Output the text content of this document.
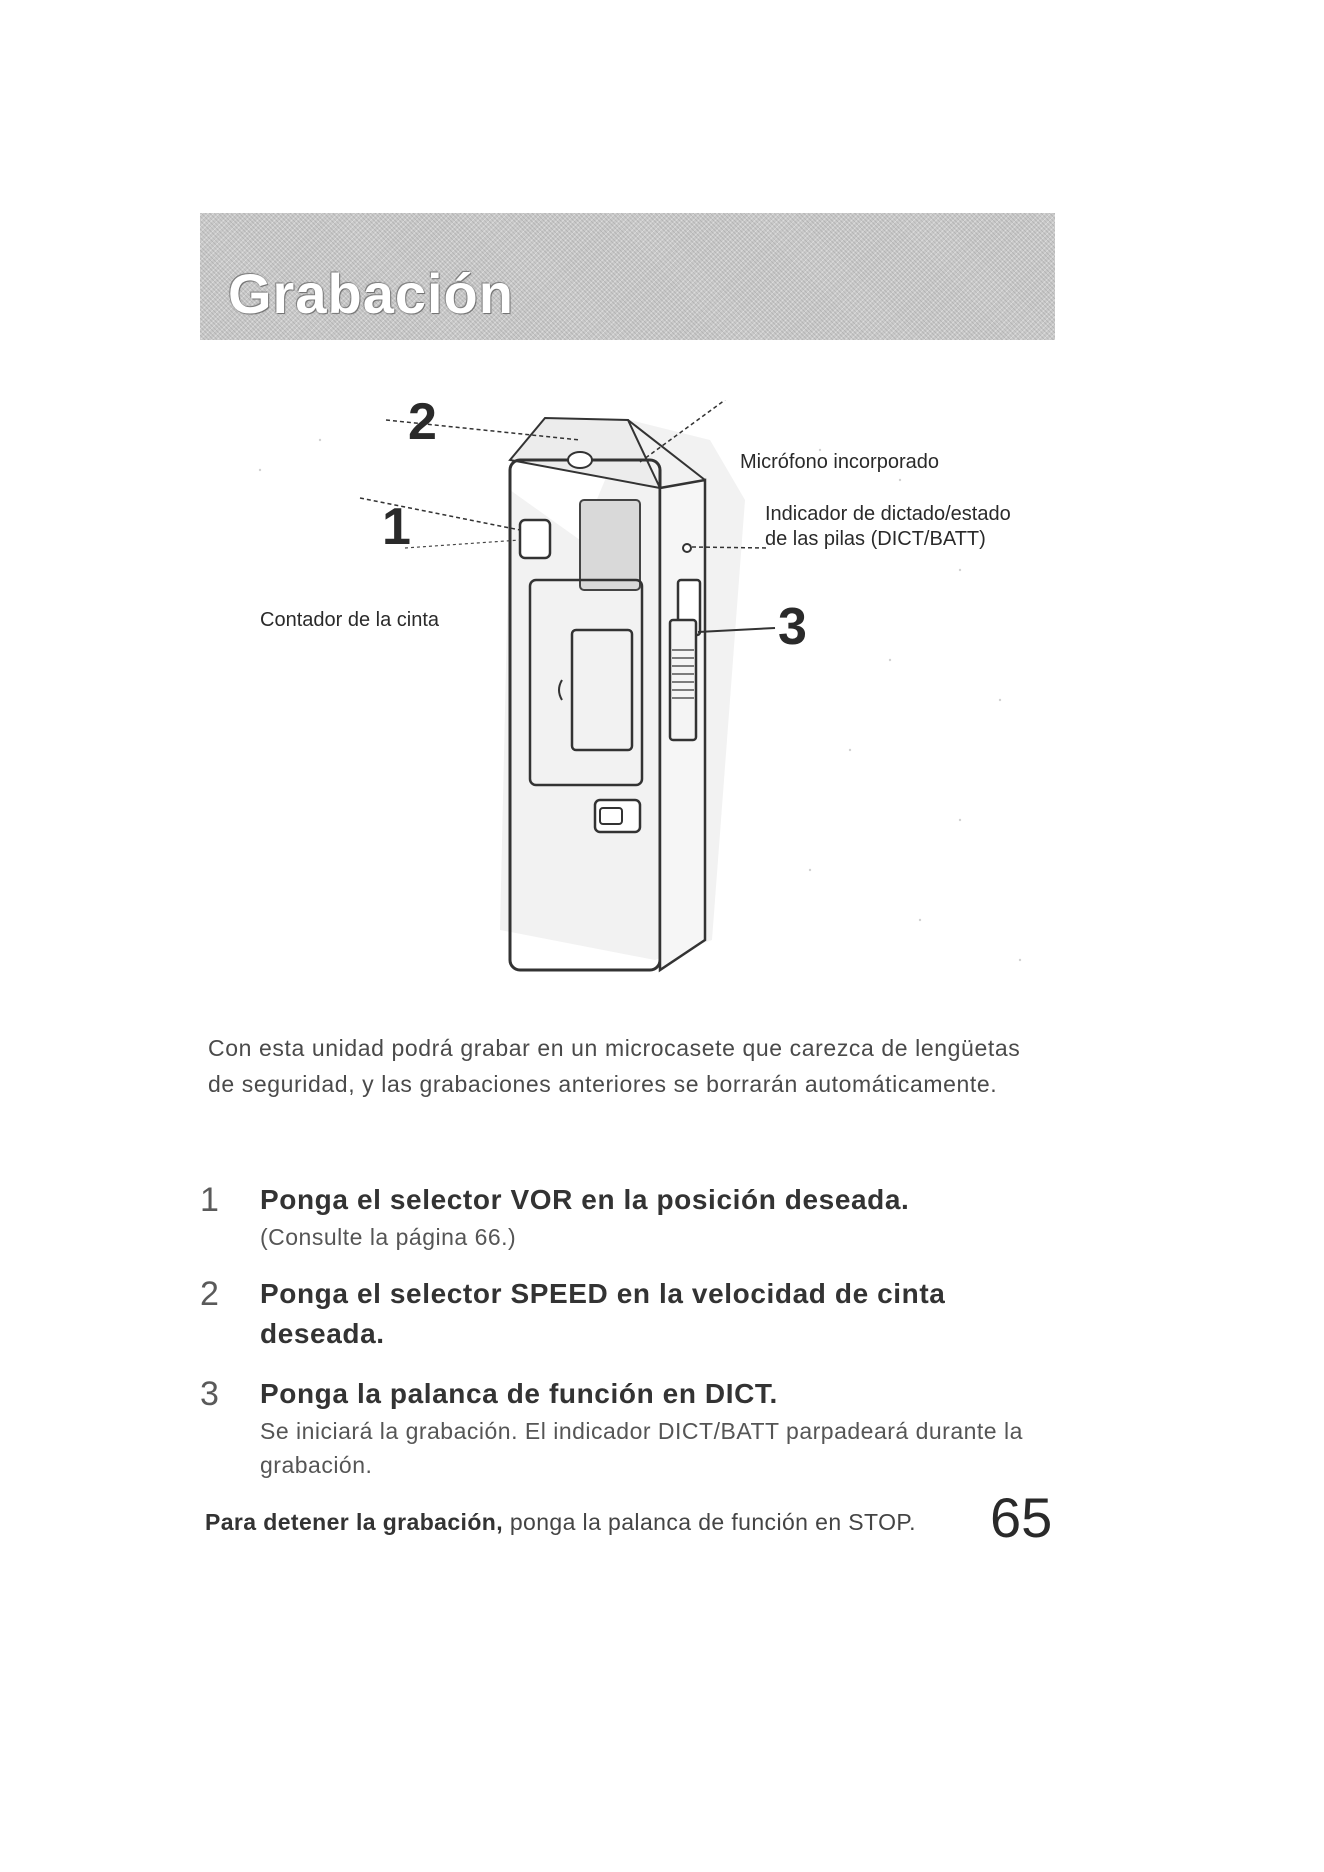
Grabación
2
1
3
Micrófono incorporado
Indicador de dictado/estado de las pilas (DICT/BATT)
Contador de la cinta
Con esta unidad podrá grabar en un microcasete que carezca de lengüetas de seguridad, y las grabaciones anteriores se borrarán automáticamente.
1 Ponga el selector VOR en la posición deseada.
(Consulte la página 66.)
2 Ponga el selector SPEED en la velocidad de cinta deseada.
3 Ponga la palanca de función en DICT.
Se iniciará la grabación. El indicador DICT/BATT parpadeará durante la grabación.
Para detener la grabación, ponga la palanca de función en STOP. 65
